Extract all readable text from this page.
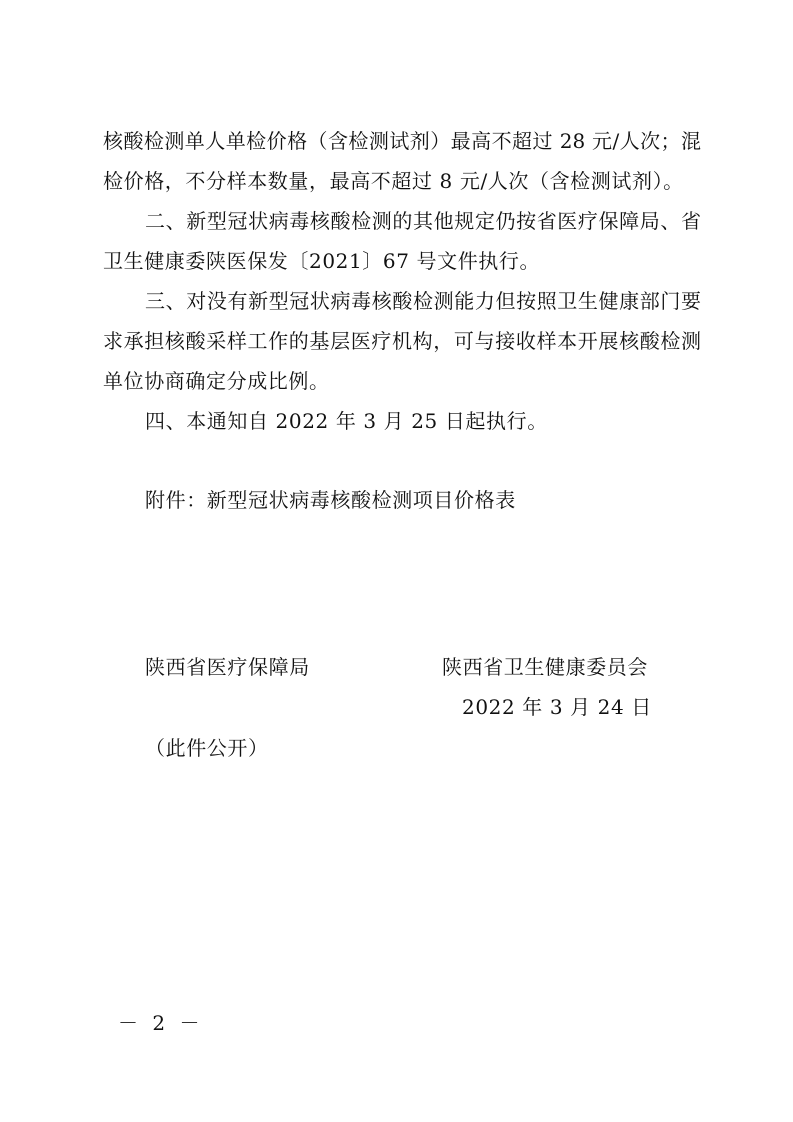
核酸检测单人单检价格（含检测试剂）最高不超过 28 元/人次；混
检价格，不分样本数量，最高不超过 8 元/人次（含检测试剂）。
二、新型冠状病毒核酸检测的其他规定仍按省医疗保障局、省
卫生健康委陕医保发〔2021〕67 号文件执行。
三、对没有新型冠状病毒核酸检测能力但按照卫生健康部门要
求承担核酸采样工作的基层医疗机构，可与接收样本开展核酸检测
单位协商确定分成比例。
四、本通知自 2022 年 3 月 25 日起执行。
附件：新型冠状病毒核酸检测项目价格表
陕西省医疗保障局	陕西省卫生健康委员会
2022 年 3 月 24 日
（此件公开）
－ 2 －
